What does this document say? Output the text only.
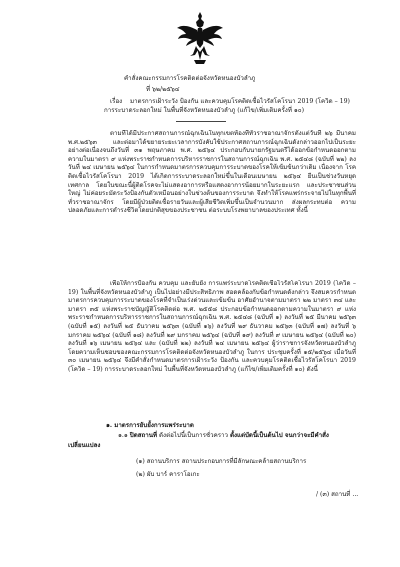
คำสั่งคณะกรรมการโรคติดต่อจังหวัดหนองบัวลำภู
ที่ ๖๒/๒๕๖๔
เรื่อง มาตรการเฝ้าระวัง ป้องกัน และควบคุมโรคติดเชื้อไวรัสโคโรนา 2019 (โควิด – 19)
การระบาดระลอกใหม่ ในพื้นที่จังหวัดหนองบัวลำภู (แก้ไข/เพิ่มเติมครั้งที่ ๑๐)

ตามที่ได้มีประกาศสถานการณ์ฉุกเฉินในทุกเขตท้องที่ทั่วราชอาณาจักรตั้งแต่วันที่ ๒๖ มีนาคม พ.ศ.๒๕๖๓ และต่อมาได้ขยายระยะเวลาการบังคับใช้ประกาศสถานการณ์ฉุกเฉินดังกล่าวออกไปเป็นระยะ อย่างต่อเนื่องจนถึงวันที่ ๓๑ พฤษภาคม พ.ศ. ๒๕๖๔ ประกอบกับนายกรัฐมนตรีได้ออกข้อกำหนดออกตาม ความในมาตรา ๙ แห่งพระราชกำหนดการบริหารราชการในสถานการณ์ฉุกเฉิน พ.ศ. ๒๕๔๘ (ฉบับที่ ๒๒) ลงวันที่ ๒๔ เมษายน ๒๕๖๔ ในการกำหนดมาตรการควบคุมการระบาดของโรคให้เข้มข้นกว่าเดิม เนื่องจาก โรคติดเชื้อไวรัสโคโรนา 2019 ได้เกิดการระบาดระลอกใหม่ขึ้นในเดือนเมษายน ๒๕๖๔ ยืนเป็นช่วงวันหยุด เทศกาล โดยในขณะนี้ผู้ติดโรคจะไม่แสดงอาการหรือแสดงอาการน้อยมากในระยะแรก และประชาชนส่วนใหญ่ ไม่ค่อยระมัดระวังป้องกันตัวเหมือนอย่างในช่วงต้นของการระบาด จึงทำให้โรคแพร่กระจายไปในทุกพื้นที่ ทั่วราชอาณาจักร โดยมีผู้ป่วยติดเชื้อรายวันและผู้เสียชีวิตเพิ่มขึ้นเป็นจำนวนมาก ส่งผลกระทบต่อ ความปลอดภัยและการดำรงชีวิตโดยปกติสุขของประชาชน ต่อระบบโรงพยาบาลของประเทศ ทั้งนี้

เพื่อให้การป้องกัน ควบคุม และยับยั้ง การแพร่ระบาดโรคติดเชื้อไวรัสโคโรนา 2019 (โควิด – 19) ในพื้นที่จังหวัดหนองบัวลำภู เป็นไปอย่างมีประสิทธิภาพ สอดคล้องกับข้อกำหนดดังกล่าว จึงสมควรกำหนด มาตรการควบคุมการระบาดของโรคที่จำเป็นเร่งด่วนและเข้มข้น อาศัยอำนาจตามมาตรา ๒๒ มาตรา ๓๔ และมาตรา ๓๕ แห่งพระราชบัญญัติโรคติดต่อ พ.ศ. ๒๕๕๘ ประกอบข้อกำหนดออกตามความในมาตรา ๙ แห่งพระราชกำหนดการบริหารราชการในสถานการณ์ฉุกเฉิน พ.ศ. ๒๕๔๘ (ฉบับที่ ๑) ลงวันที่ ๒๕ มีนาคม ๒๕๖๓ (ฉบับที่ ๑๕) ลงวันที่ ๒๕ ธันวาคม ๒๕๖๓ (ฉบับที่ ๑๖) ลงวันที่ ๒๙ ธันวาคม ๒๕๖๓ (ฉบับที่ ๑๗) ลงวันที่ ๖ มกราคม ๒๕๖๔ (ฉบับที่ ๑๘) ลงวันที่ ๒๙ มกราคม ๒๕๖๔ (ฉบับที่ ๑๙) ลงวันที่ ๙ เมษายน ๒๕๖๔ (ฉบับที่ ๒๐) ลงวันที่ ๑๖ เมษายน ๒๕๖๔ และ (ฉบับที่ ๒๒) ลงวันที่ ๒๔ เมษายน ๒๕๖๔ ผู้ว่าราชการจังหวัดหนองบัวลำภู โดยความเห็นชอบของคณะกรรมการโรคติดต่อจังหวัดหนองบัวลำภู ในการ ประชุมครั้งที่ ๑๕/๒๕๖๔ เมื่อวันที่ ๓๐ เมษายน ๒๕๖๔ จึงมีคำสั่งกำหนดมาตรการเฝ้าระวัง ป้องกัน และควบคุมโรคติดเชื้อไวรัสโคโรนา 2019 (โควิด – 19) การระบาดระลอกใหม่ ในพื้นที่จังหวัดหนองบัวลำภู (แก้ไข/เพิ่มเติมครั้งที่ ๑๐) ดังนี้

๑. มาตรการยับยั้งการแพร่ระบาด
๑.๑ ปิดสถานที่ ดังต่อไปนี้เป็นการชั่วคราว ตั้งแต่บัดนี้เป็นต้นไป จนกว่าจะมีคำสั่ง
เปลี่ยนแปลง
(๑) สถานบริการ สถานประกอบการที่มีลักษณะคล้ายสถานบริการ
(๒) ผับ บาร์ คาราโอเกะ
/ (๓) สถานที่ ...
